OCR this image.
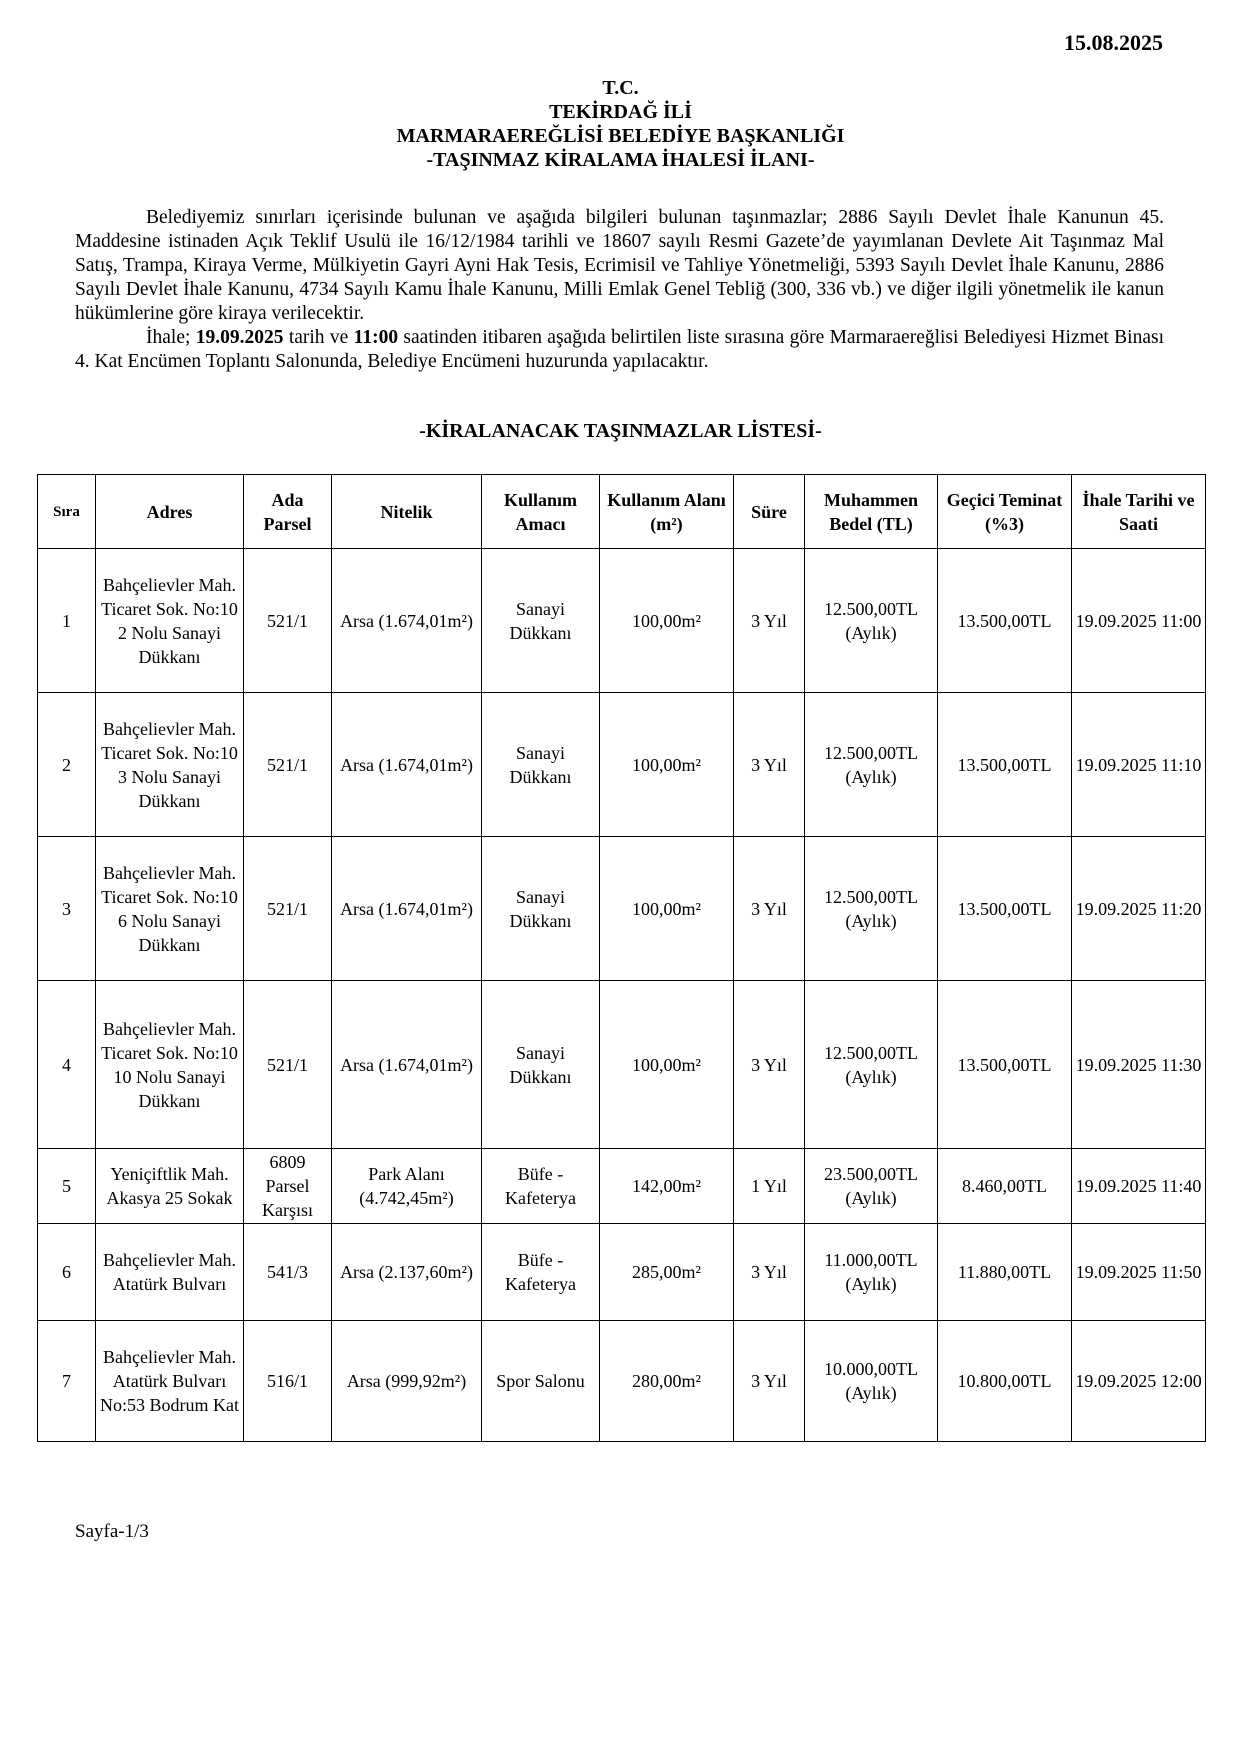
15.08.2025
T.C.
TEKİRDAĞ İLİ
MARMARAEREĞLİSİ BELEDİYE BAŞKANLIĞI
-TAŞINMAZ KİRALAMA İHALESİ İLANI-

Belediyemiz sınırları içerisinde bulunan ve aşağıda bilgileri bulunan taşınmazlar; 2886 Sayılı Devlet İhale Kanunun 45. Maddesine istinaden Açık Teklif Usulü ile 16/12/1984 tarihli ve 18607 sayılı Resmi Gazete’de yayımlanan Devlete Ait Taşınmaz Mal Satış, Trampa, Kiraya Verme, Mülkiyetin Gayri Ayni Hak Tesis, Ecrimisil ve Tahliye Yönetmeliği, 5393 Sayılı Devlet İhale Kanunu, 2886 Sayılı Devlet İhale Kanunu, 4734 Sayılı Kamu İhale Kanunu, Milli Emlak Genel Tebliğ (300, 336 vb.) ve diğer ilgili yönetmelik ile kanun hükümlerine göre kiraya verilecektir.

İhale; 19.09.2025 tarih ve 11:00 saatinden itibaren aşağıda belirtilen liste sırasına göre Marmaraereğlisi Belediyesi Hizmet Binası 4. Kat Encümen Toplantı Salonunda, Belediye Encümeni huzurunda yapılacaktır.

-KİRALANACAK TAŞINMAZLAR LİSTESİ-
Sıra	Adres	Ada Parsel	Nitelik	Kullanım Amacı	Kullanım Alanı (m²)	Süre	Muhammen Bedel (TL)	Geçici Teminat (%3)	İhale Tarihi ve Saati
1	Bahçelievler Mah. Ticaret Sok. No:10 2 Nolu Sanayi Dükkanı	521/1	Arsa (1.674,01m²)	Sanayi Dükkanı	100,00m²	3 Yıl	12.500,00TL (Aylık)	13.500,00TL	19.09.2025 11:00
2	Bahçelievler Mah. Ticaret Sok. No:10 3 Nolu Sanayi Dükkanı	521/1	Arsa (1.674,01m²)	Sanayi Dükkanı	100,00m²	3 Yıl	12.500,00TL (Aylık)	13.500,00TL	19.09.2025 11:10
3	Bahçelievler Mah. Ticaret Sok. No:10 6 Nolu Sanayi Dükkanı	521/1	Arsa (1.674,01m²)	Sanayi Dükkanı	100,00m²	3 Yıl	12.500,00TL (Aylık)	13.500,00TL	19.09.2025 11:20
4	Bahçelievler Mah. Ticaret Sok. No:10 10 Nolu Sanayi Dükkanı	521/1	Arsa (1.674,01m²)	Sanayi Dükkanı	100,00m²	3 Yıl	12.500,00TL (Aylık)	13.500,00TL	19.09.2025 11:30
5	Yeniçiftlik Mah. Akasya 25 Sokak	6809 Parsel Karşısı	Park Alanı (4.742,45m²)	Büfe - Kafeterya	142,00m²	1 Yıl	23.500,00TL (Aylık)	8.460,00TL	19.09.2025 11:40
6	Bahçelievler Mah. Atatürk Bulvarı	541/3	Arsa (2.137,60m²)	Büfe - Kafeterya	285,00m²	3 Yıl	11.000,00TL (Aylık)	11.880,00TL	19.09.2025 11:50
7	Bahçelievler Mah. Atatürk Bulvarı No:53 Bodrum Kat	516/1	Arsa (999,92m²)	Spor Salonu	280,00m²	3 Yıl	10.000,00TL (Aylık)	10.800,00TL	19.09.2025 12:00
Sayfa-1/3
